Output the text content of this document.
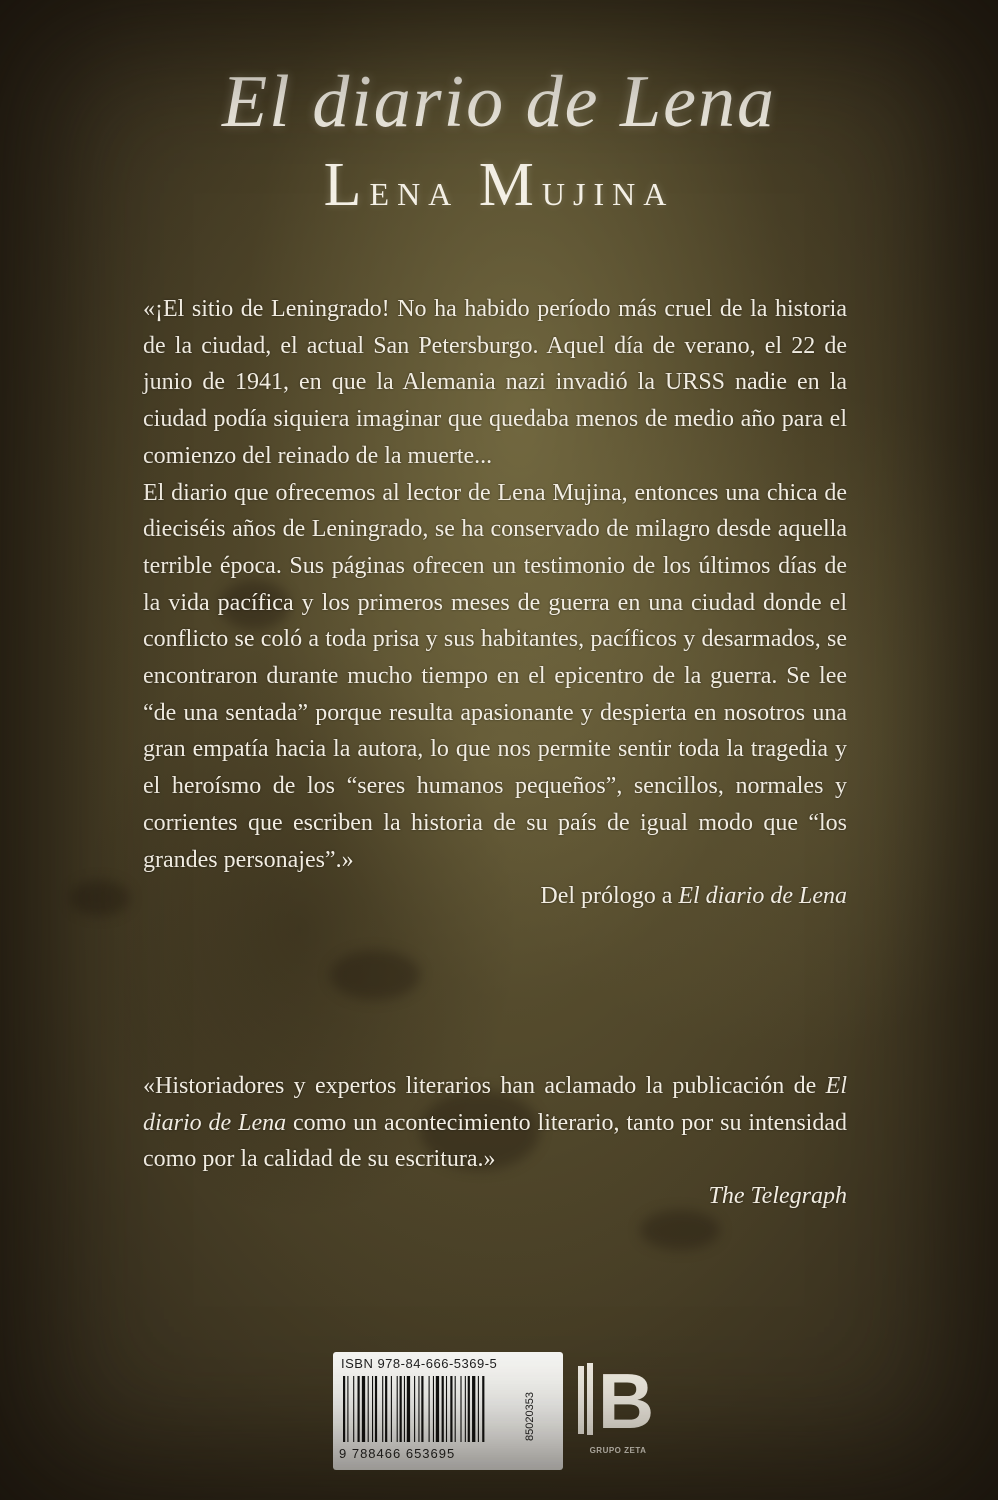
El diario de Lena
Lena Mujina

«¡El sitio de Leningrado! No ha habido período más cruel de la historia de la ciudad, el actual San Petersburgo. Aquel día de verano, el 22 de junio de 1941, en que la Alemania nazi invadió la URSS nadie en la ciudad podía siquiera imaginar que quedaba menos de medio año para el comienzo del reinado de la muerte...

El diario que ofrecemos al lector de Lena Mujina, entonces una chica de dieciséis años de Leningrado, se ha conservado de milagro desde aquella terrible época. Sus páginas ofrecen un testimonio de los últimos días de la vida pacífica y los primeros meses de guerra en una ciudad donde el conflicto se coló a toda prisa y sus habitantes, pacíficos y desarmados, se encontraron durante mucho tiempo en el epicentro de la guerra. Se lee “de una sentada” porque resulta apasionante y despierta en nosotros una gran empatía hacia la autora, lo que nos permite sentir toda la tragedia y el heroísmo de los “seres humanos pequeños”, sencillos, normales y corrientes que escriben la historia de su país de igual modo que “los grandes personajes”.»

Del prólogo a El diario de Lena

«Historiadores y expertos literarios han aclamado la publicación de El diario de Lena como un acontecimiento literario, tanto por su intensidad como por la calidad de su escritura.»

The Telegraph

ISBN 978-84-666-5369-5
9 788466 653695
85020353 B
GRUPO ZETA
